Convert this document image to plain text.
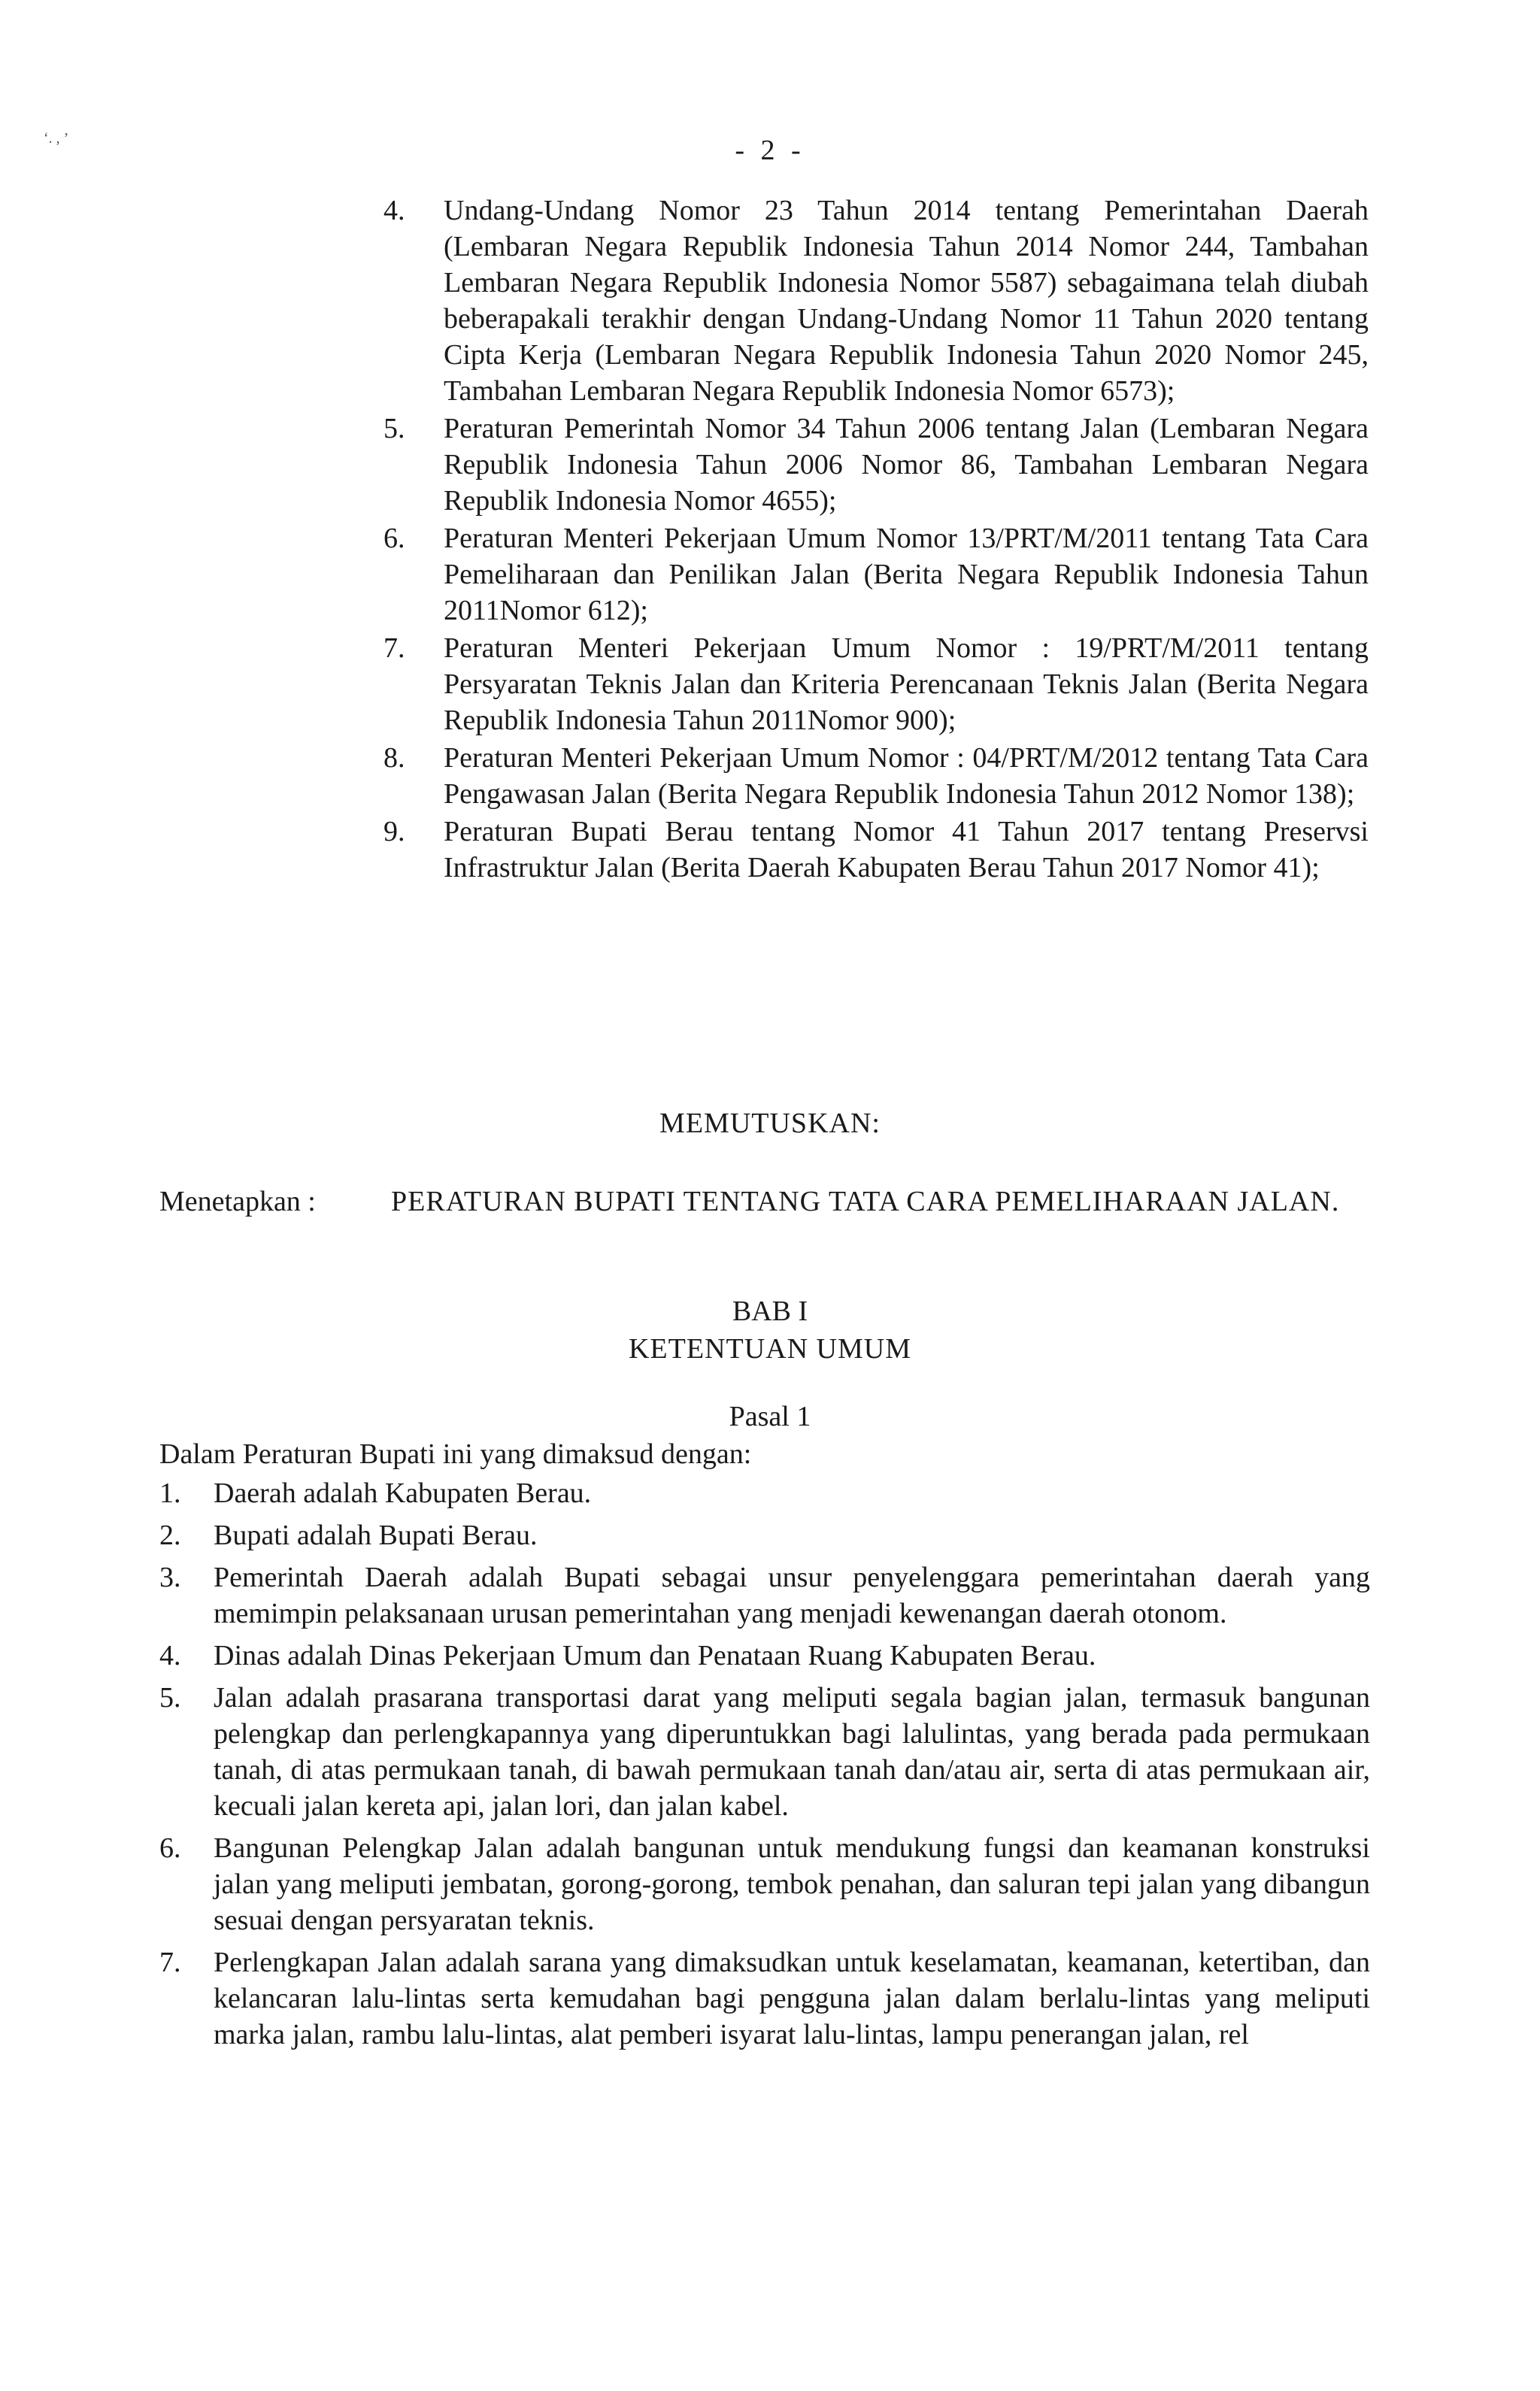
‘. , ’	- 2 -
4. Undang-Undang Nomor 23 Tahun 2014 tentang Pemerintahan Daerah (Lembaran Negara Republik Indonesia Tahun 2014 Nomor 244, Tambahan Lembaran Negara Republik Indonesia Nomor 5587) sebagaimana telah diubah beberapakali terakhir dengan Undang-Undang Nomor 11 Tahun 2020 tentang Cipta Kerja (Lembaran Negara Republik Indonesia Tahun 2020 Nomor 245, Tambahan Lembaran Negara Republik Indonesia Nomor 6573);
5. Peraturan Pemerintah Nomor 34 Tahun 2006 tentang Jalan (Lembaran Negara Republik Indonesia Tahun 2006 Nomor 86, Tambahan Lembaran Negara Republik Indonesia Nomor 4655);
6. Peraturan Menteri Pekerjaan Umum Nomor 13/PRT/M/2011 tentang Tata Cara Pemeliharaan dan Penilikan Jalan (Berita Negara Republik Indonesia Tahun 2011Nomor 612);
7. Peraturan Menteri Pekerjaan Umum Nomor : 19/PRT/M/2011 tentang Persyaratan Teknis Jalan dan Kriteria Perencanaan Teknis Jalan (Berita Negara Republik Indonesia Tahun 2011Nomor 900);
8. Peraturan Menteri Pekerjaan Umum Nomor : 04/PRT/M/2012 tentang Tata Cara Pengawasan Jalan (Berita Negara Republik Indonesia Tahun 2012 Nomor 138);
9. Peraturan Bupati Berau tentang Nomor 41 Tahun 2017 tentang Preservsi Infrastruktur Jalan (Berita Daerah Kabupaten Berau Tahun 2017 Nomor 41);
MEMUTUSKAN:
Menetapkan :	PERATURAN BUPATI TENTANG TATA CARA PEMELIHARAAN JALAN.
BAB I
KETENTUAN UMUM
Pasal 1
Dalam Peraturan Bupati ini yang dimaksud dengan:
1. Daerah adalah Kabupaten Berau.
2. Bupati adalah Bupati Berau.
3. Pemerintah Daerah adalah Bupati sebagai unsur penyelenggara pemerintahan daerah yang memimpin pelaksanaan urusan pemerintahan yang menjadi kewenangan daerah otonom.
4. Dinas adalah Dinas Pekerjaan Umum dan Penataan Ruang Kabupaten Berau.
5. Jalan adalah prasarana transportasi darat yang meliputi segala bagian jalan, termasuk bangunan pelengkap dan perlengkapannya yang diperuntukkan bagi lalulintas, yang berada pada permukaan tanah, di atas permukaan tanah, di bawah permukaan tanah dan/atau air, serta di atas permukaan air, kecuali jalan kereta api, jalan lori, dan jalan kabel.
6. Bangunan Pelengkap Jalan adalah bangunan untuk mendukung fungsi dan keamanan konstruksi jalan yang meliputi jembatan, gorong-gorong, tembok penahan, dan saluran tepi jalan yang dibangun sesuai dengan persyaratan teknis.
7. Perlengkapan Jalan adalah sarana yang dimaksudkan untuk keselamatan, keamanan, ketertiban, dan kelancaran lalu-lintas serta kemudahan bagi pengguna jalan dalam berlalu-lintas yang meliputi marka jalan, rambu lalu-lintas, alat pemberi isyarat lalu-lintas, lampu penerangan jalan, rel
